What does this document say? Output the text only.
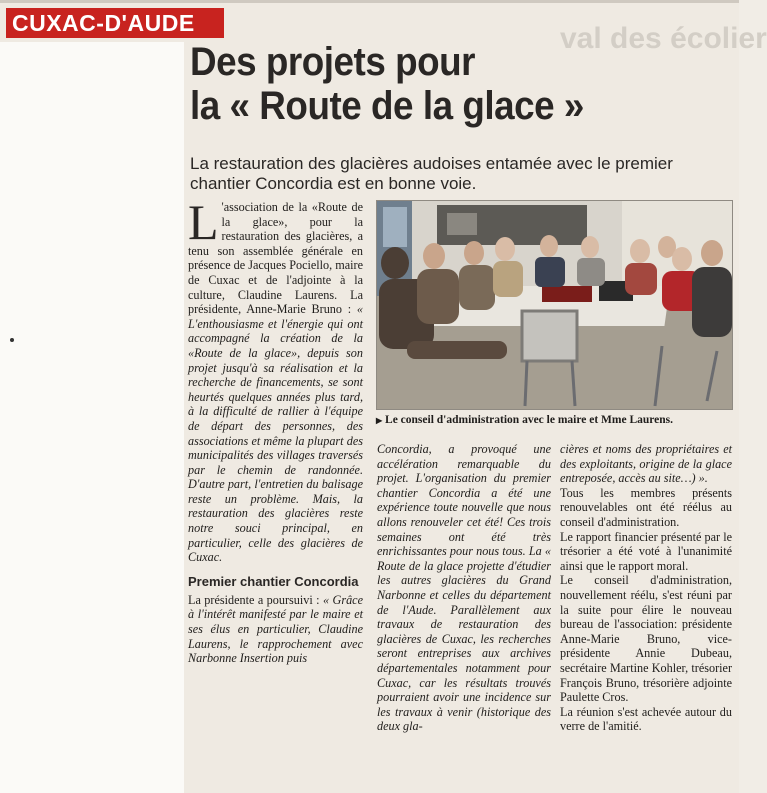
val des écolier
CUXAC-D'AUDE
Des projets pour
la « Route de la glace »
La restauration des glacières audoises entamée avec le premier chantier Concordia est en bonne voie.

L 'association de la «Route de la glace», pour la restauration des glacières, a tenu son assemblée générale en présence de Jacques Pociello, maire de Cuxac et de l'adjointe à la culture, Claudine Laurens. La présidente, Anne-Marie Bruno : « L'enthousiasme et l'énergie qui ont accompagné la création de la «Route de la glace», depuis son projet jusqu'à sa réalisation et la recherche de financements, se sont heurtés quelques années plus tard, à la difficulté de rallier à l'équipe de départ des personnes, des associations et même la plupart des municipalités des villages traversés par le chemin de randonnée. D'autre part, l'entretien du balisage reste un problème. Mais, la restauration des glacières reste notre souci principal, en particulier, celle des glacières de Cuxac.

Premier chantier Concordia

La présidente a poursuivi : « Grâce à l'intérêt manifesté par le maire et ses élus en particulier, Claudine Laurens, le rapprochement avec Narbonne Insertion puis

▶ Le conseil d'administration avec le maire et Mme Laurens.

Concordia, a provoqué une accélération remarquable du projet. L'organisation du premier chantier Concordia a été une expérience toute nouvelle que nous allons renouveler cet été! Ces trois semaines ont été très enrichissantes pour nous tous. La « Route de la glace projette d'étudier les autres glacières du Grand Narbonne et celles du département de l'Aude. Parallèlement aux travaux de restauration des glacières de Cuxac, les recherches seront entreprises aux archives départementales notamment pour Cuxac, car les résultats trouvés pourraient avoir une incidence sur les travaux à venir (historique des deux gla-

cières et noms des propriétaires et des exploitants, origine de la glace entreposée, accès au site…) ».

Tous les membres présents renouvelables ont été réélus au conseil d'administration.

Le rapport financier présenté par le trésorier a été voté à l'unanimité ainsi que le rapport moral.

Le conseil d'administration, nouvellement réélu, s'est réuni par la suite pour élire le nouveau bureau de l'association: présidente Anne-Marie Bruno, vice-présidente Annie Dubeau, secrétaire Martine Kohler, trésorier François Bruno, trésorière adjointe Paulette Cros.

La réunion s'est achevée autour du verre de l'amitié.
